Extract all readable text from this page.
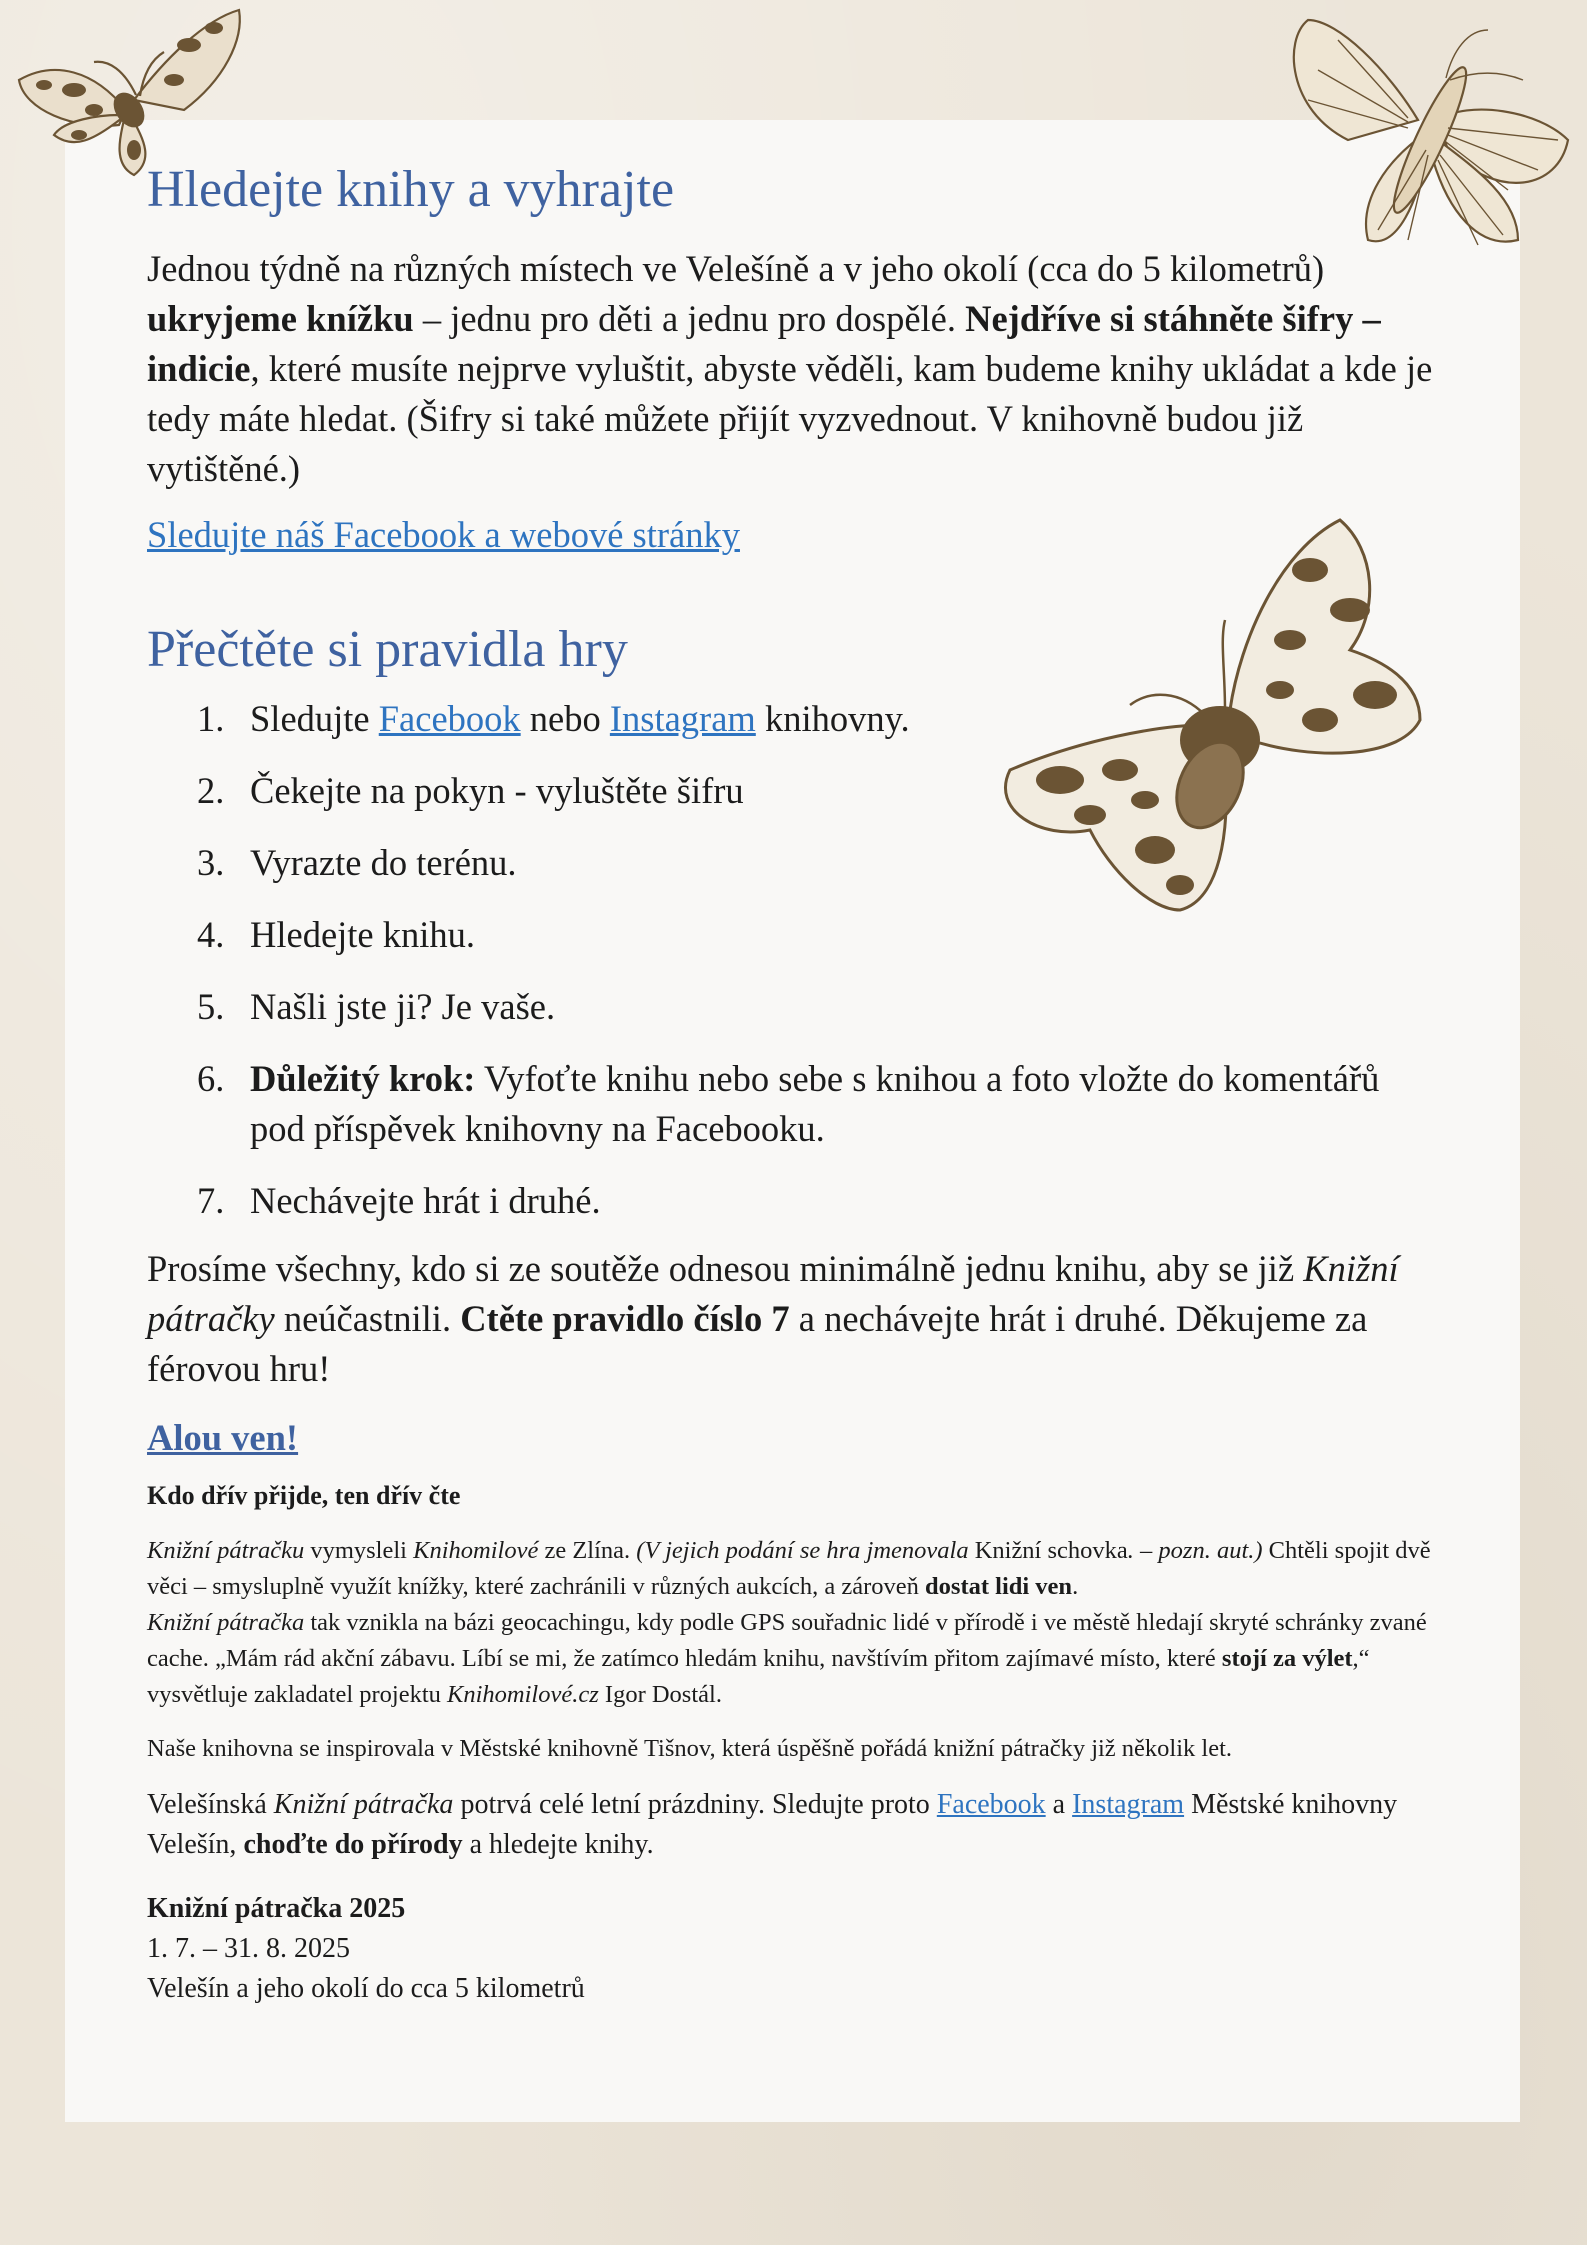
Hledejte knihy a vyhrajte

Jednou týdně na různých místech ve Velešíně a v jeho okolí (cca do 5 kilometrů) ukryjeme knížku – jednu pro děti a jednu pro dospělé. Nejdříve si stáhněte šifry – indicie, které musíte nejprve vyluštit, abyste věděli, kam budeme knihy ukládat a kde je tedy máte hledat. (Šifry si také můžete přijít vyzvednout. V knihovně budou již vytištěné.)

Sledujte náš Facebook a webové stránky
Přečtěte si pravidla hry
1. Sledujte Facebook nebo Instagram knihovny.
2. Čekejte na pokyn - vyluštěte šifru
3. Vyrazte do terénu.
4. Hledejte knihu.
5. Našli jste ji? Je vaše.
6. Důležitý krok: Vyfoťte knihu nebo sebe s knihou a foto vložte do komentářů pod příspěvek knihovny na Facebooku.
7. Nechávejte hrát i druhé.
Prosíme všechny, kdo si ze soutěže odnesou minimálně jednu knihu, aby se již Knižní pátračky neúčastnili. Ctěte pravidlo číslo 7 a nechávejte hrát i druhé. Děkujeme za férovou hru!
Alou ven!
Kdo dřív přijde, ten dřív čte

Knižní pátračku vymysleli Knihomilové ze Zlína. (V jejich podání se hra jmenovala Knižní schovka. – pozn. aut.) Chtěli spojit dvě věci – smysluplně využít knížky, které zachránili v různých aukcích, a zároveň dostat lidi ven.

Knižní pátračka tak vznikla na bázi geocachingu, kdy podle GPS souřadnic lidé v přírodě i ve městě hledají skryté schránky zvané cache. „Mám rád akční zábavu. Líbí se mi, že zatímco hledám knihu, navštívím přitom zajímavé místo, které stojí za výlet,“ vysvětluje zakladatel projektu Knihomilové.cz Igor Dostál.

Naše knihovna se inspirovala v Městské knihovně Tišnov, která úspěšně pořádá knižní pátračky již několik let.
Velešínská Knižní pátračka potrvá celé letní prázdniny. Sledujte proto Facebook a Instagram Městské knihovny Velešín, choďte do přírody a hledejte knihy.
Knižní pátračka 2025
1. 7. – 31. 8. 2025
Velešín a jeho okolí do cca 5 kilometrů
